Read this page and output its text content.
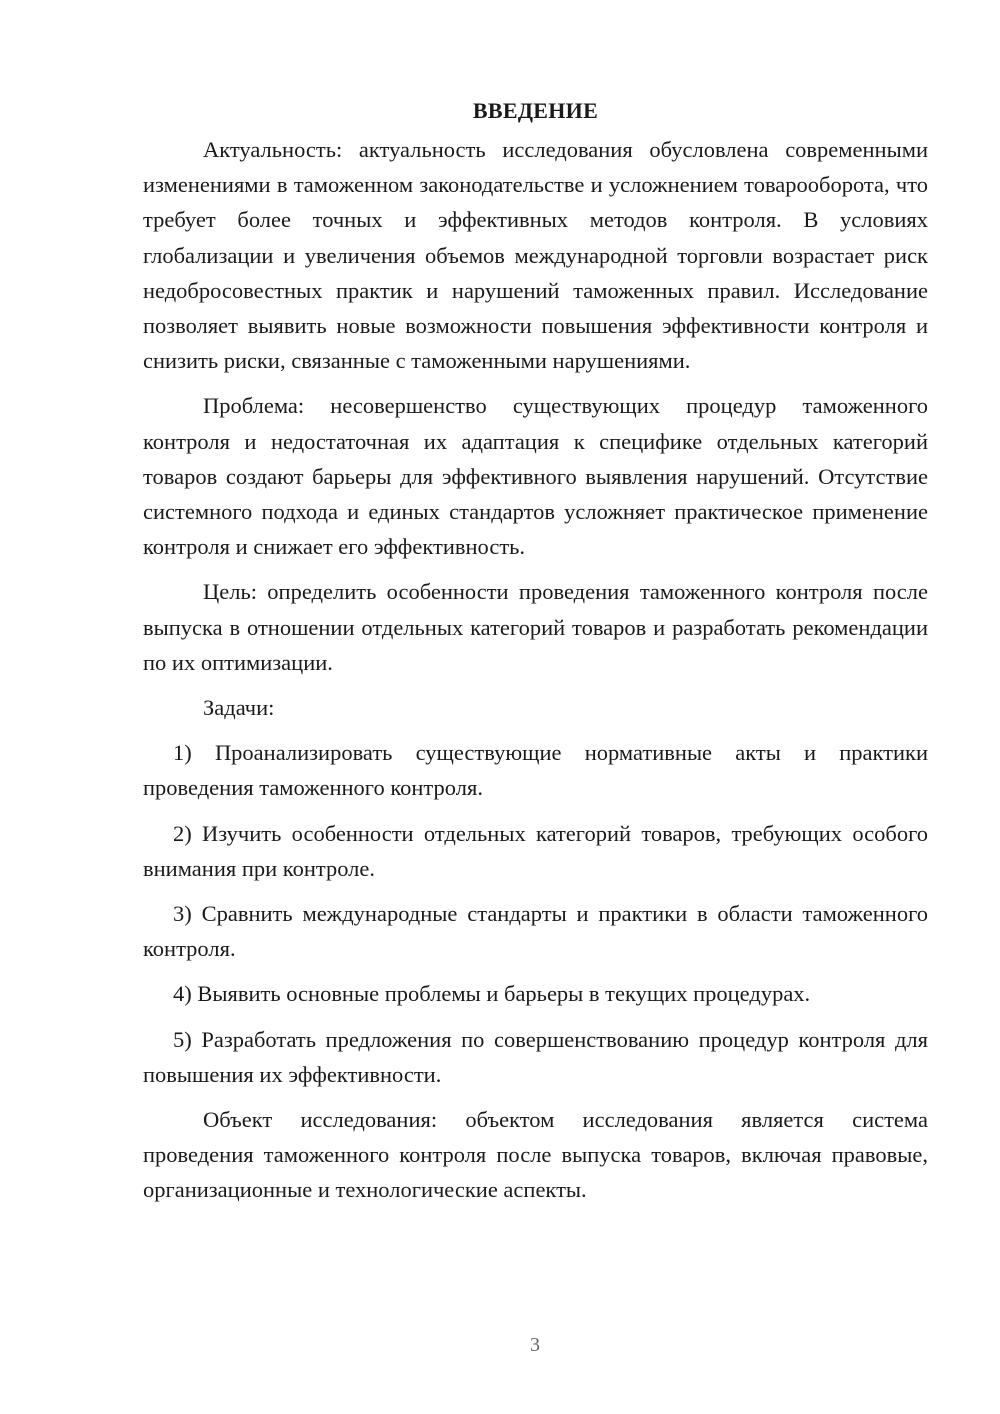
ВВЕДЕНИЕ

Актуальность: актуальность исследования обусловлена современными изменениями в таможенном законодательстве и усложнением товарооборота, что требует более точных и эффективных методов контроля. В условиях глобализации и увеличения объемов международной торговли возрастает риск недобросовестных практик и нарушений таможенных правил. Исследование позволяет выявить новые возможности повышения эффективности контроля и снизить риски, связанные с таможенными нарушениями.

Проблема: несовершенство существующих процедур таможенного контроля и недостаточная их адаптация к специфике отдельных категорий товаров создают барьеры для эффективного выявления нарушений. Отсутствие системного подхода и единых стандартов усложняет практическое применение контроля и снижает его эффективность.

Цель: определить особенности проведения таможенного контроля после выпуска в отношении отдельных категорий товаров и разработать рекомендации по их оптимизации.

Задачи:

1) Проанализировать существующие нормативные акты и практики проведения таможенного контроля.

2) Изучить особенности отдельных категорий товаров, требующих особого внимания при контроле.

3) Сравнить международные стандарты и практики в области таможенного контроля.

4) Выявить основные проблемы и барьеры в текущих процедурах.

5) Разработать предложения по совершенствованию процедур контроля для повышения их эффективности.

Объект исследования: объектом исследования является система проведения таможенного контроля после выпуска товаров, включая правовые, организационные и технологические аспекты.

3
